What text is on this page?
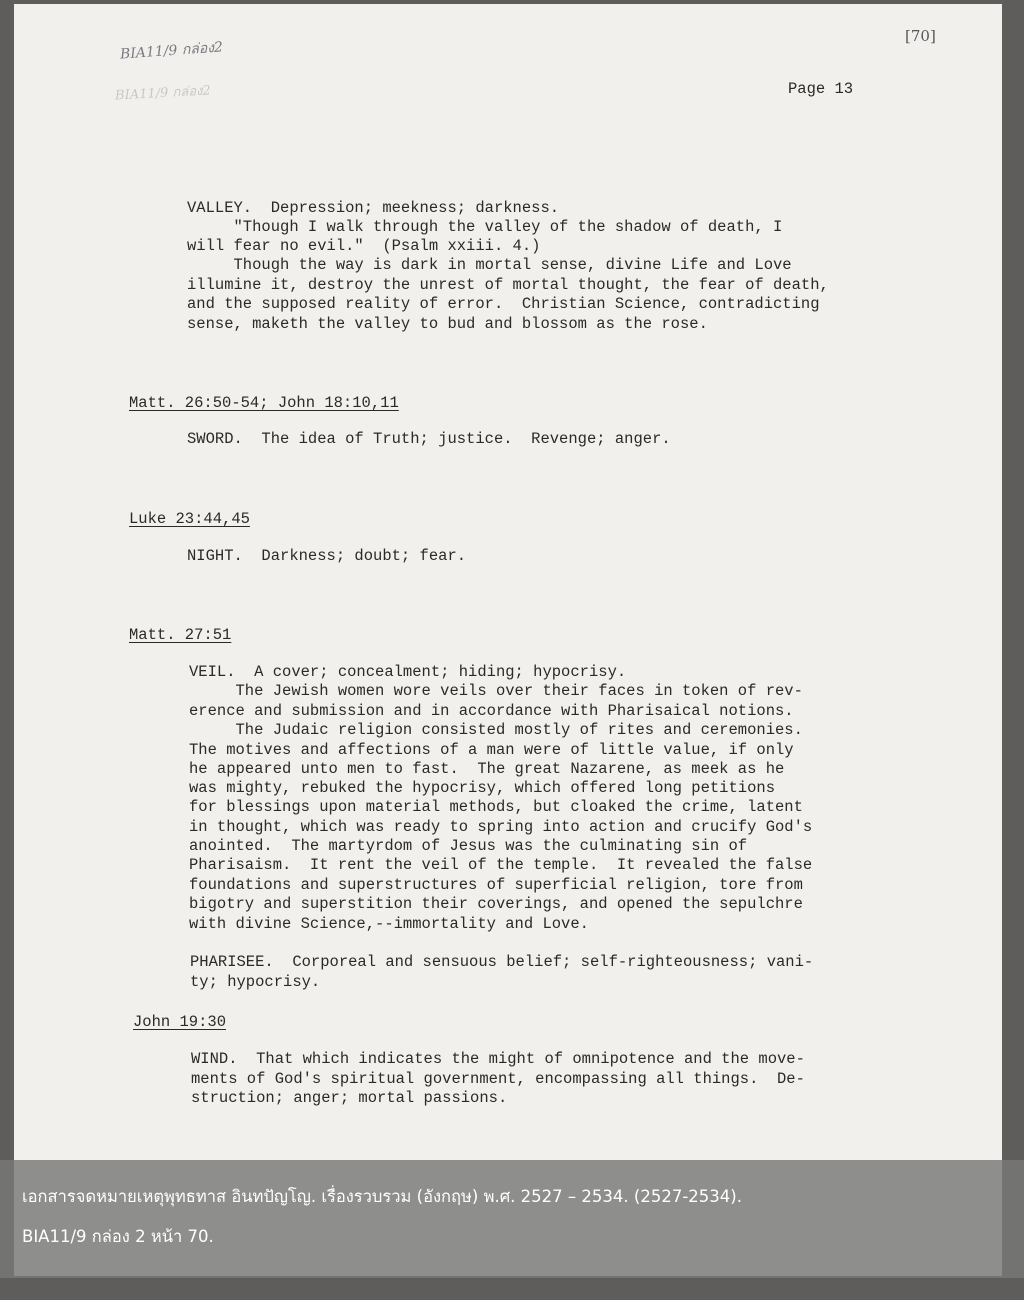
BIA11/9 กล่อง2
BIA11/9 กล่อง2
[70]
Page 13
VALLEY.  Depression; meekness; darkness.
"Though I walk through the valley of the shadow of death, I
will fear no evil."  (Psalm xxiii. 4.)
Though the way is dark in mortal sense, divine Life and Love
illumine it, destroy the unrest of mortal thought, the fear of death,
and the supposed reality of error.  Christian Science, contradicting
sense, maketh the valley to bud and blossom as the rose.
Matt. 26:50-54; John 18:10,11
SWORD.  The idea of Truth; justice.  Revenge; anger.
Luke 23:44,45
NIGHT.  Darkness; doubt; fear.
Matt. 27:51
VEIL.  A cover; concealment; hiding; hypocrisy.
The Jewish women wore veils over their faces in token of rev-
erence and submission and in accordance with Pharisaical notions.
The Judaic religion consisted mostly of rites and ceremonies.
The motives and affections of a man were of little value, if only
he appeared unto men to fast.  The great Nazarene, as meek as he
was mighty, rebuked the hypocrisy, which offered long petitions
for blessings upon material methods, but cloaked the crime, latent
in thought, which was ready to spring into action and crucify God's
anointed.  The martyrdom of Jesus was the culminating sin of
Pharisaism.  It rent the veil of the temple.  It revealed the false
foundations and superstructures of superficial religion, tore from
bigotry and superstition their coverings, and opened the sepulchre
with divine Science,--immortality and Love.
PHARISEE.  Corporeal and sensuous belief; self-righteousness; vani-
ty; hypocrisy.
John 19:30
WIND.  That which indicates the might of omnipotence and the move-
ments of God's spiritual government, encompassing all things.  De-
struction; anger; mortal passions.
เอกสารจดหมายเหตุพุทธทาส อินทปัญโญ. เรื่องรวบรวม (อังกฤษ) พ.ศ. 2527 – 2534. (2527-2534).
BIA11/9 กล่อง 2 หน้า 70.
